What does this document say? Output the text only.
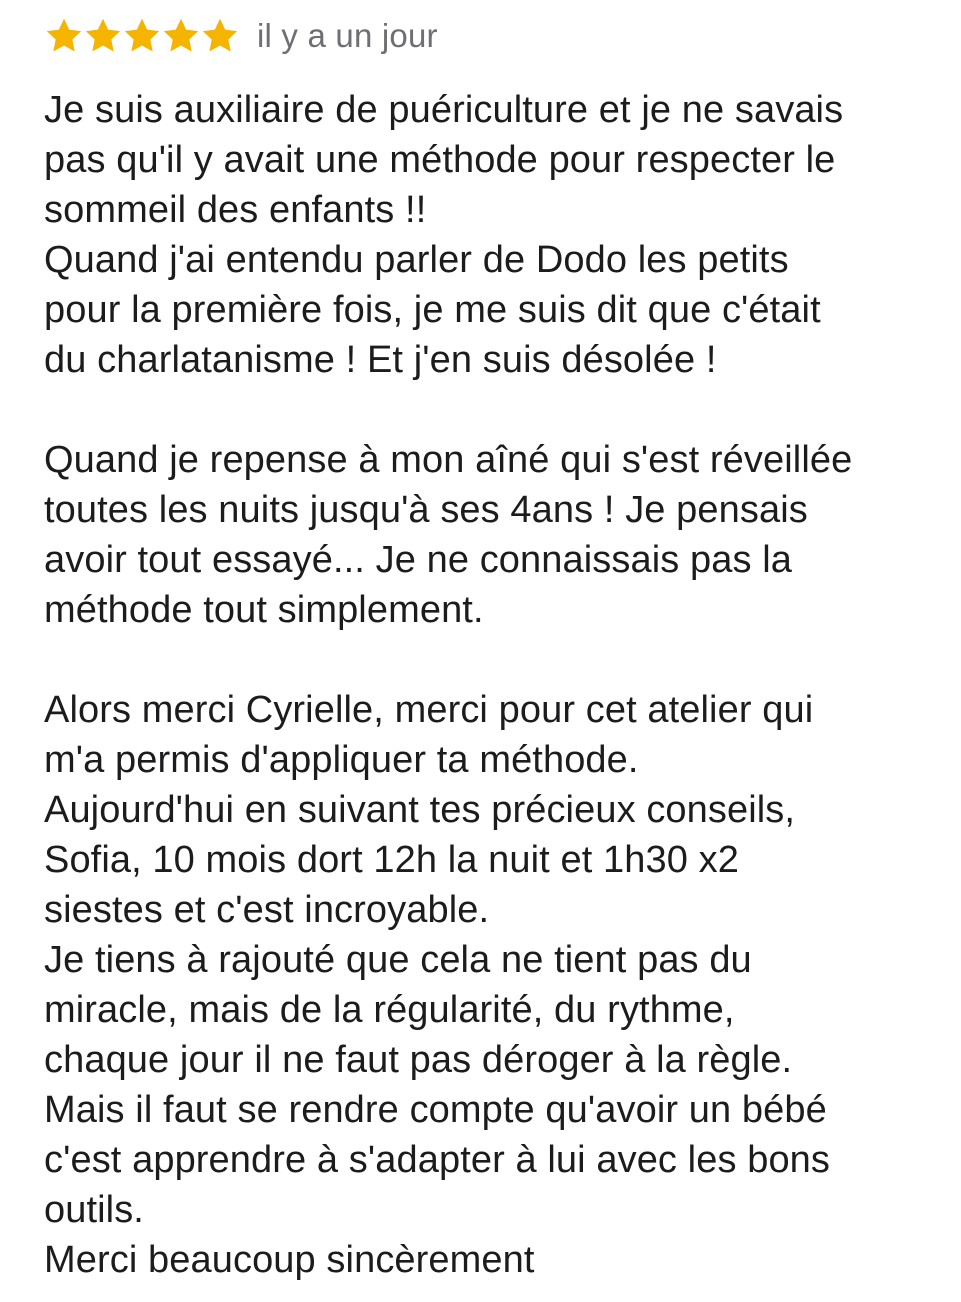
il y a un jour
Je suis auxiliaire de puériculture et je ne savais
pas qu'il y avait une méthode pour respecter le
sommeil des enfants !!
Quand j'ai entendu parler de Dodo les petits
pour la première fois, je me suis dit que c'était
du charlatanisme ! Et j'en suis désolée !
Quand je repense à mon aîné qui s'est réveillée
toutes les nuits jusqu'à ses 4ans ! Je pensais
avoir tout essayé... Je ne connaissais pas la
méthode tout simplement.
Alors merci Cyrielle, merci pour cet atelier qui
m'a permis d'appliquer ta méthode.
Aujourd'hui en suivant tes précieux conseils,
Sofia, 10 mois dort 12h la nuit et 1h30 x2
siestes et c'est incroyable.
Je tiens à rajouté que cela ne tient pas du
miracle, mais de la régularité, du rythme,
chaque jour il ne faut pas déroger à la règle.
Mais il faut se rendre compte qu'avoir un bébé
c'est apprendre à s'adapter à lui avec les bons
outils.
Merci beaucoup sincèrement
